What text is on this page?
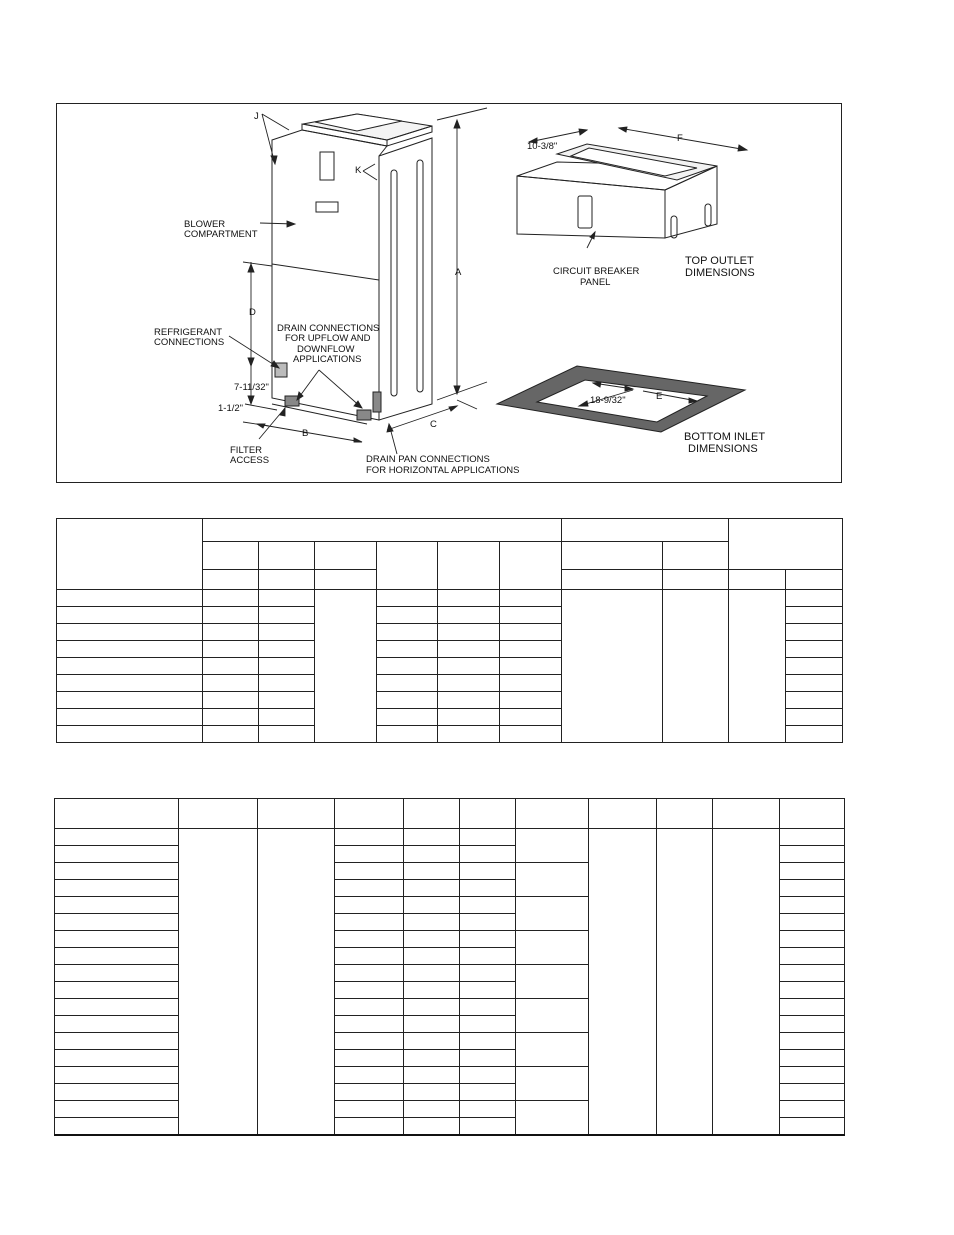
J
K
BLOWER
COMPARTMENT
D
A
REFRIGERANT
CONNECTIONS
DRAIN CONNECTIONS
FOR UPFLOW AND
DOWNFLOW
APPLICATIONS
7-11/32"
1-1/2"
B
C
FILTER
ACCESS	DRAIN PAN CONNECTIONS
FOR HORIZONTAL APPLICATIONS
10-3/8"
F
CIRCUIT BREAKER
PANEL
TOP OUTLET
DIMENSIONS
E
18-9/32"
BOTTOM INLET
DIMENSIONS
